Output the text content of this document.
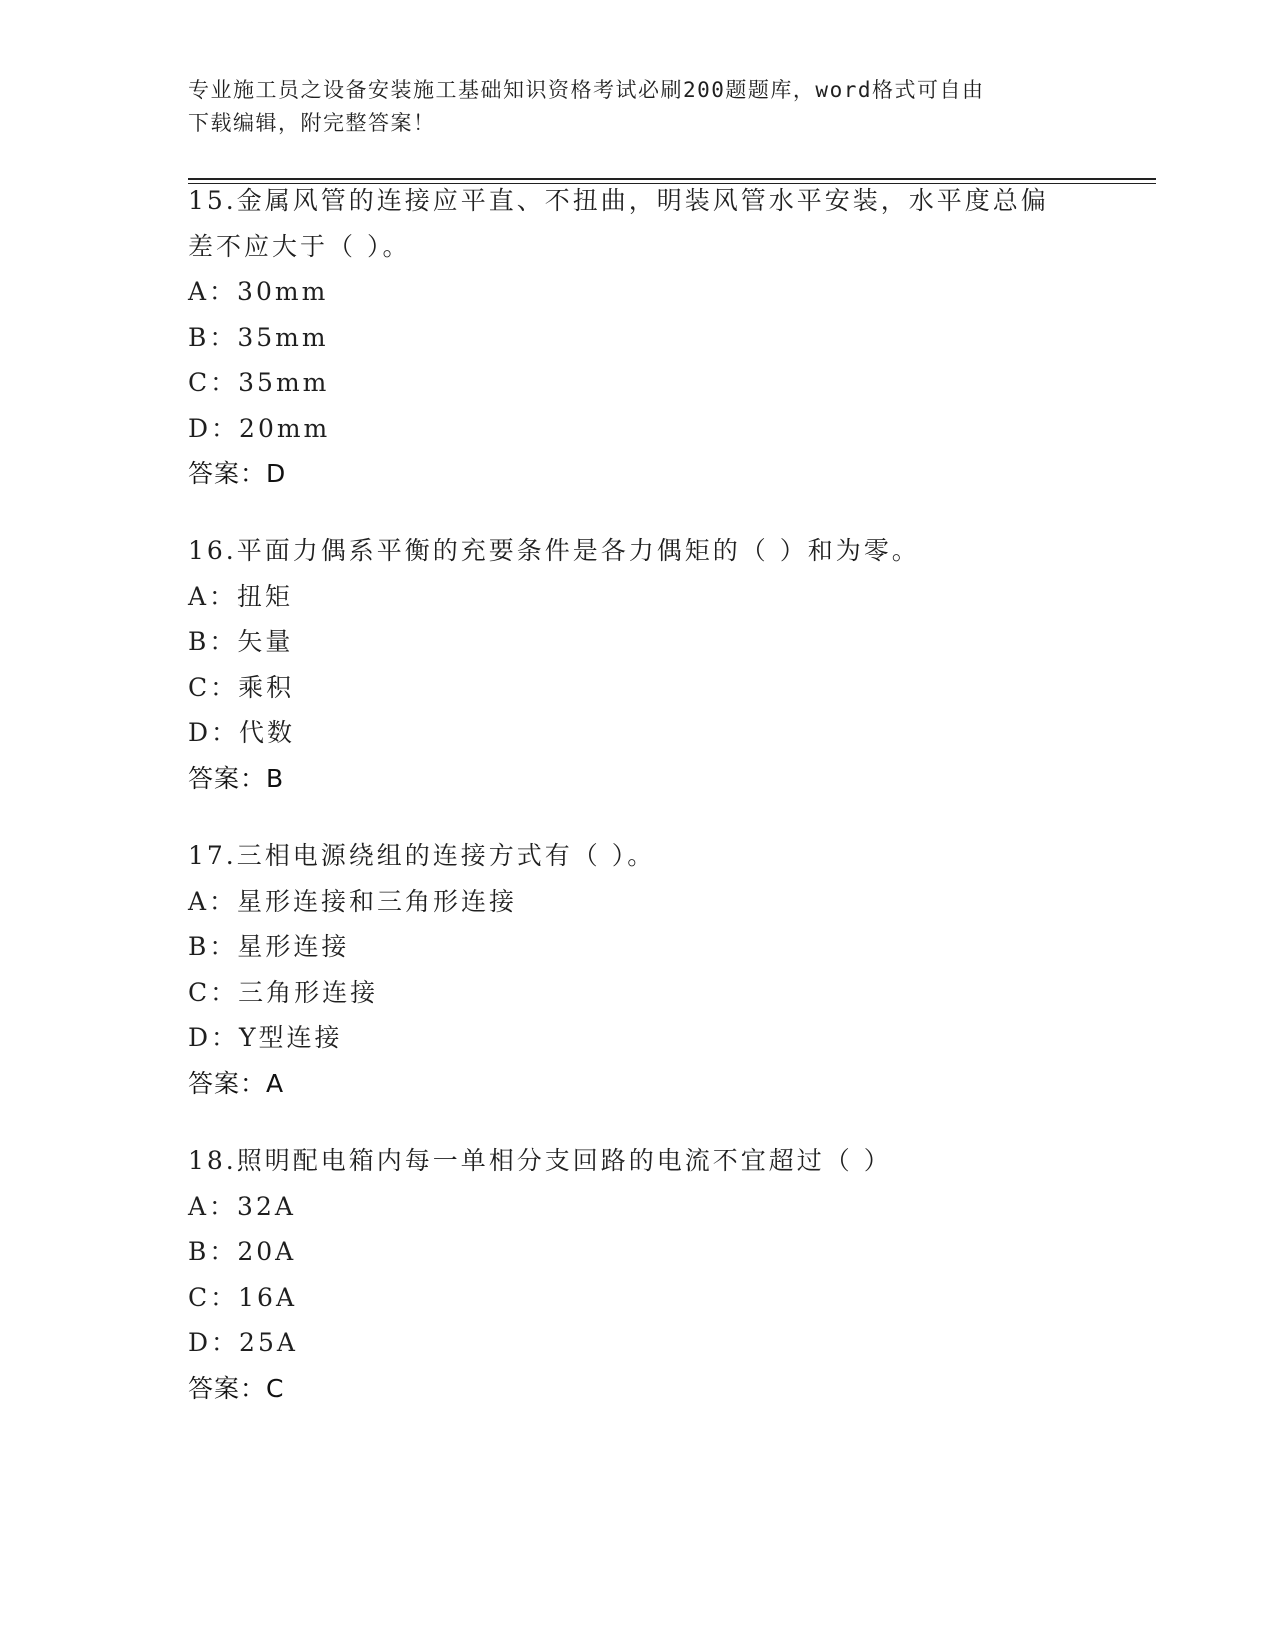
专业施工员之设备安装施工基础知识资格考试必刷200题题库，word格式可自由
下载编辑，附完整答案！
15.金属风管的连接应平直、不扭曲，明装风管水平安装，水平度总偏
差不应大于（ ）。
A：30mm
B：35mm
C：35mm
D：20mm
答案：D
16.平面力偶系平衡的充要条件是各力偶矩的（ ）和为零。
A：扭矩
B：矢量
C：乘积
D：代数
答案：B
17.三相电源绕组的连接方式有（ ）。
A：星形连接和三角形连接
B：星形连接
C：三角形连接
D：Y型连接
答案：A
18.照明配电箱内每一单相分支回路的电流不宜超过（ ）
A：32A
B：20A
C：16A
D：25A
答案：C
